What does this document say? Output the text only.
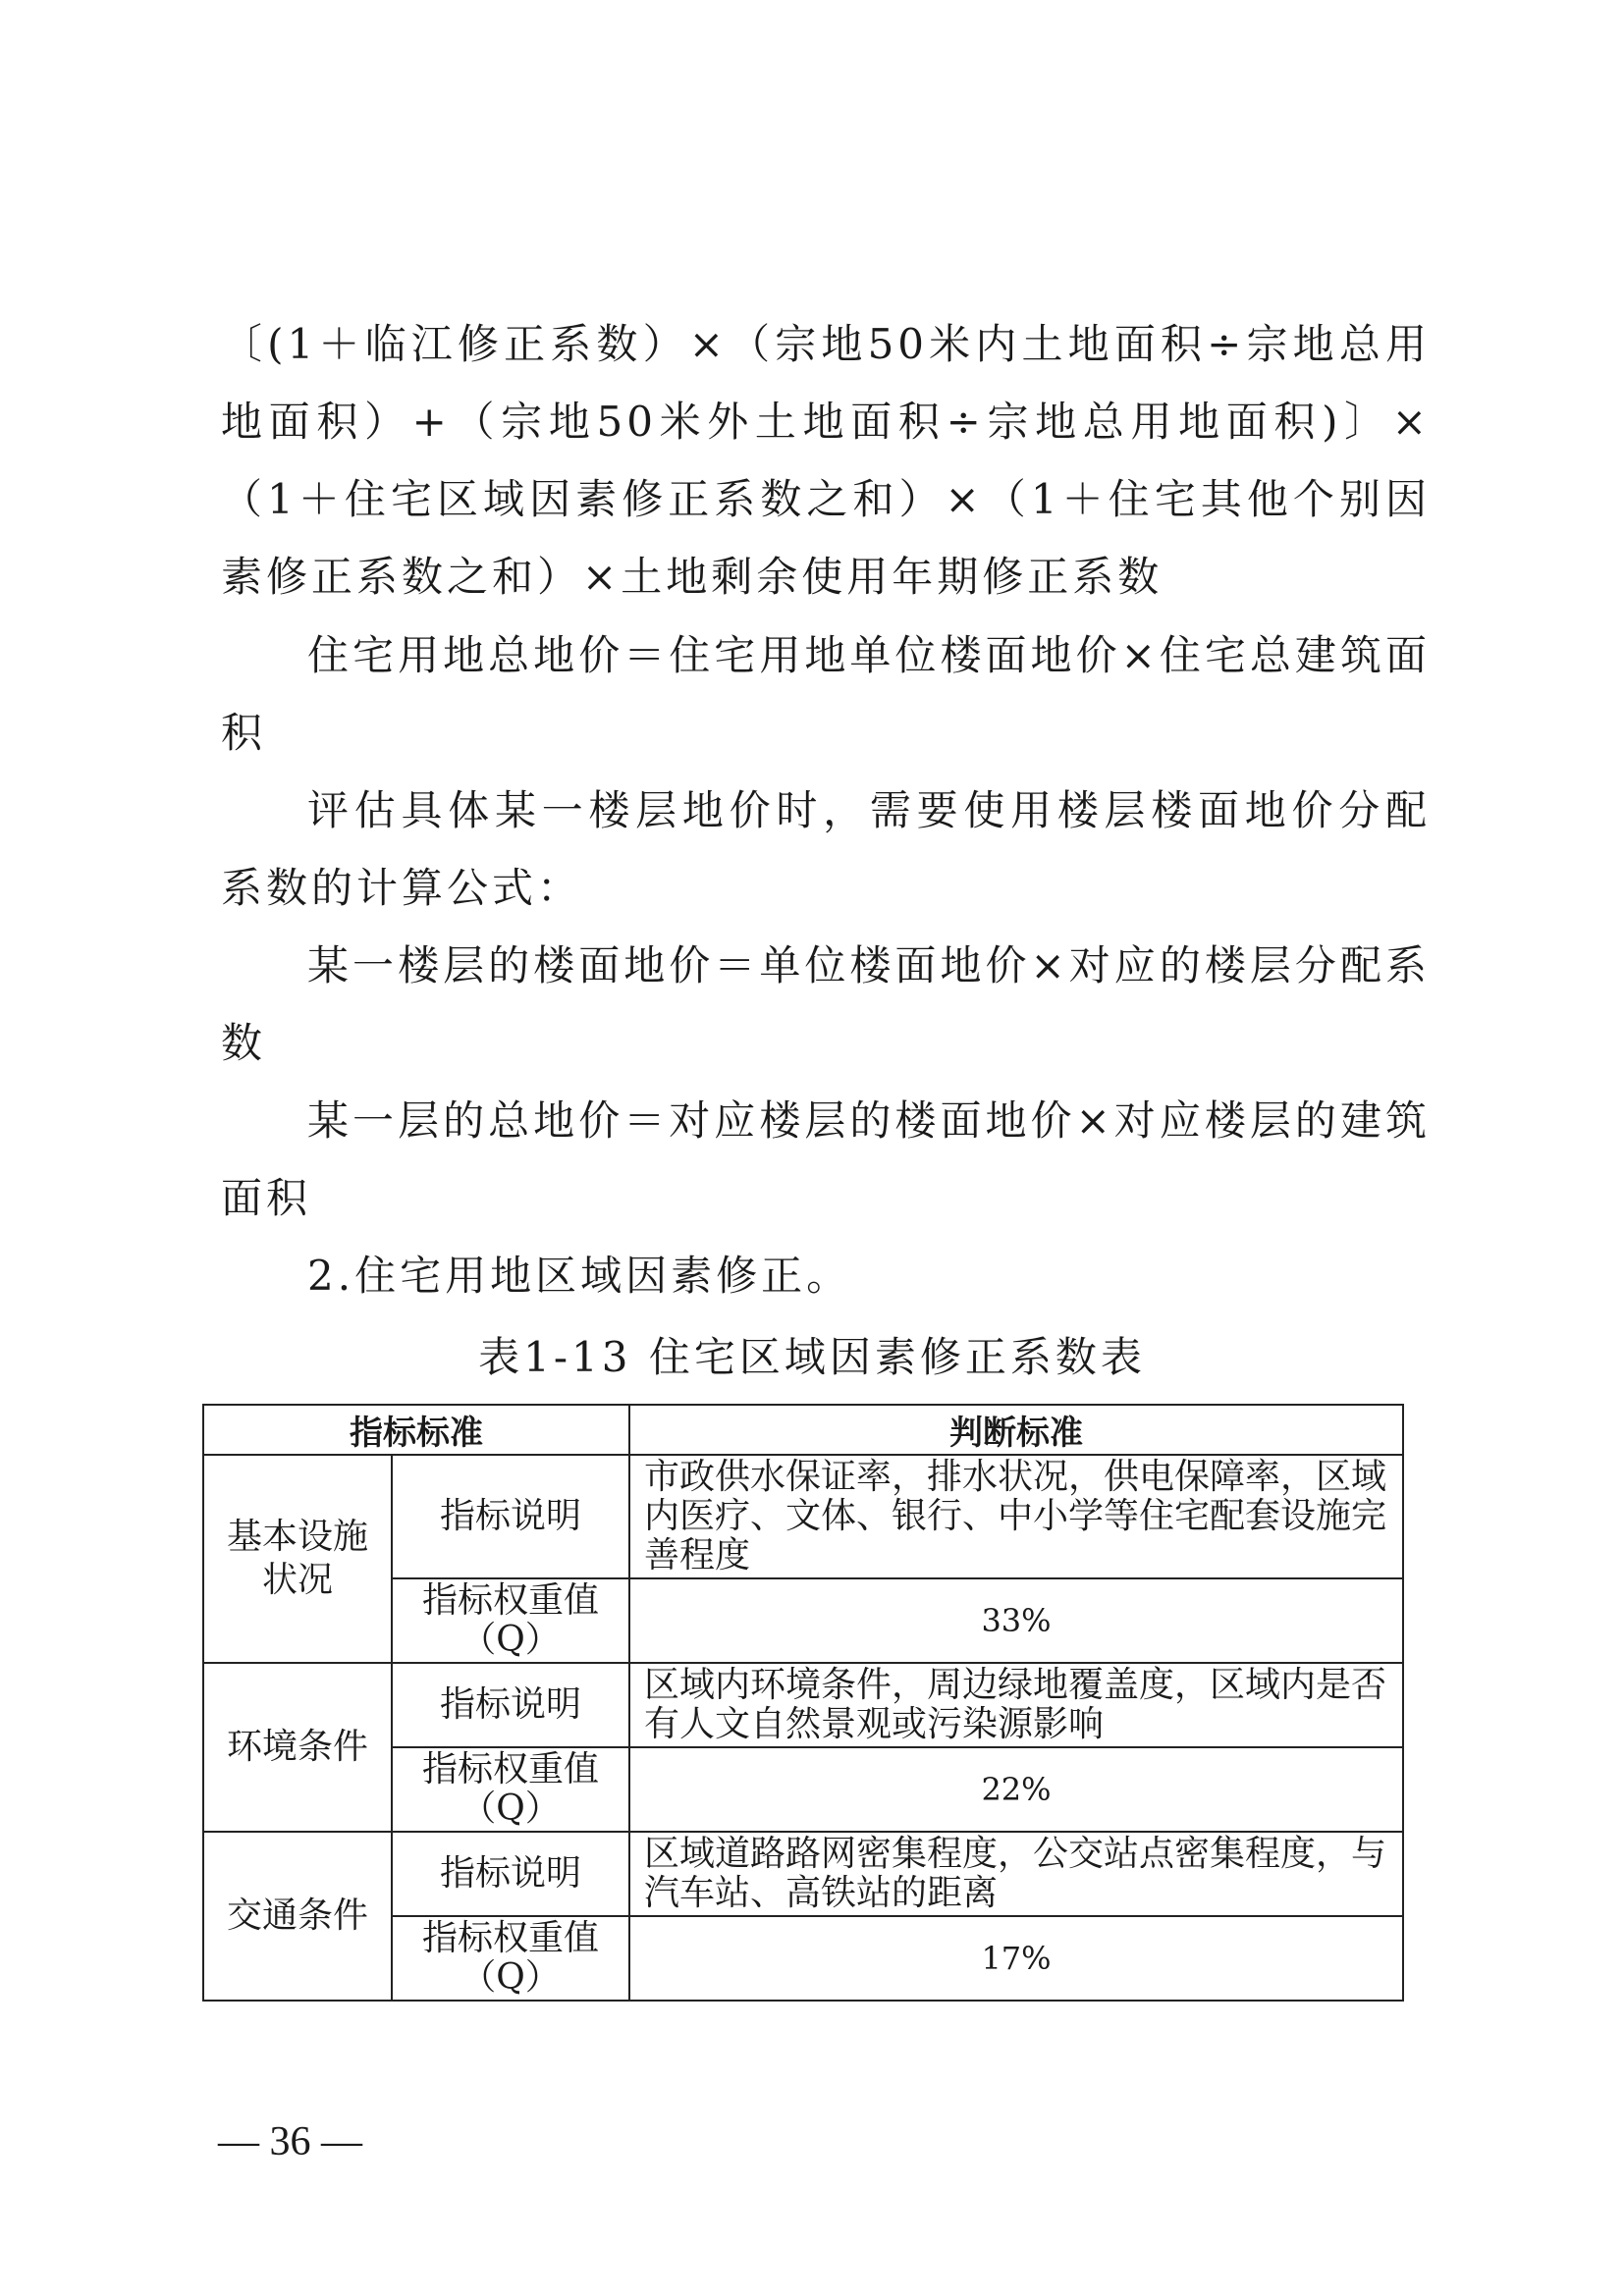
〔(1＋临江修正系数）×（宗地50米内土地面积÷宗地总用地面积）+（宗地50米外土地面积÷宗地总用地面积)〕×（1＋住宅区域因素修正系数之和）×（1＋住宅其他个别因素修正系数之和）×土地剩余使用年期修正系数

住宅用地总地价＝住宅用地单位楼面地价×住宅总建筑面积

评估具体某一楼层地价时，需要使用楼层楼面地价分配系数的计算公式：

某一楼层的楼面地价＝单位楼面地价×对应的楼层分配系数

某一层的总地价＝对应楼层的楼面地价×对应楼层的建筑面积

2.住宅用地区域因素修正。

表1-13 住宅区域因素修正系数表

指标标准		判断标准
基本设施状况	指标说明	市政供水保证率，排水状况，供电保障率，区域内医疗、文体、银行、中小学等住宅配套设施完善程度
	指标权重值（Q）	33%
环境条件	指标说明	区域内环境条件，周边绿地覆盖度，区域内是否有人文自然景观或污染源影响
	指标权重值（Q）	22%
交通条件	指标说明	区域道路路网密集程度，公交站点密集程度，与汽车站、高铁站的距离
	指标权重值（Q）	17%

— 36 —
